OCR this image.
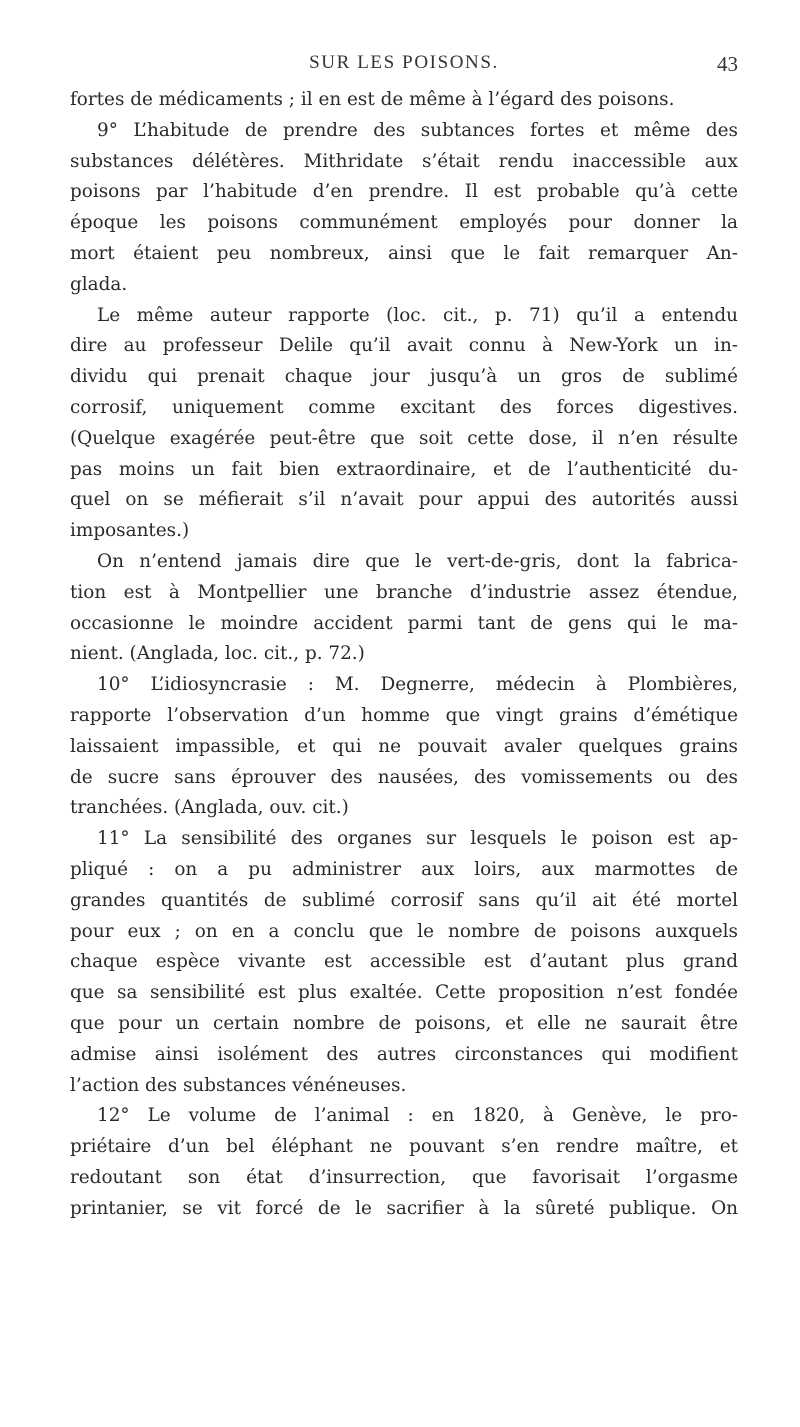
SUR LES POISONS.	43
fortes de médicaments ; il en est de même à l’égard des poisons.
9° L’habitude de prendre des subtances fortes et même des
substances délétères. Mithridate s’était rendu inaccessible aux
poisons par l’habitude d’en prendre. Il est probable qu’à cette
époque les poisons communément employés pour donner la
mort étaient peu nombreux, ainsi que le fait remarquer An-
glada.
Le même auteur rapporte (loc. cit., p. 71) qu’il a entendu
dire au professeur Delile qu’il avait connu à New-York un in-
dividu qui prenait chaque jour jusqu’à un gros de sublimé
corrosif, uniquement comme excitant des forces digestives.
(Quelque exagérée peut-être que soit cette dose, il n’en résulte
pas moins un fait bien extraordinaire, et de l’authenticité du-
quel on se méfierait s’il n’avait pour appui des autorités aussi
imposantes.)
On n’entend jamais dire que le vert-de-gris, dont la fabrica-
tion est à Montpellier une branche d’industrie assez étendue,
occasionne le moindre accident parmi tant de gens qui le ma-
nient. (Anglada, loc. cit., p. 72.)
10° L’idiosyncrasie : M. Degnerre, médecin à Plombières,
rapporte l’observation d’un homme que vingt grains d’émétique
laissaient impassible, et qui ne pouvait avaler quelques grains
de sucre sans éprouver des nausées, des vomissements ou des
tranchées. (Anglada, ouv. cit.)
11° La sensibilité des organes sur lesquels le poison est ap-
pliqué : on a pu administrer aux loirs, aux marmottes de
grandes quantités de sublimé corrosif sans qu’il ait été mortel
pour eux ; on en a conclu que le nombre de poisons auxquels
chaque espèce vivante est accessible est d’autant plus grand
que sa sensibilité est plus exaltée. Cette proposition n’est fondée
que pour un certain nombre de poisons, et elle ne saurait être
admise ainsi isolément des autres circonstances qui modifient
l’action des substances vénéneuses.
12° Le volume de l’animal : en 1820, à Genève, le pro-
priétaire d’un bel éléphant ne pouvant s’en rendre maître, et
redoutant son état d’insurrection, que favorisait l’orgasme
printanier, se vit forcé de le sacrifier à la sûreté publique. On
